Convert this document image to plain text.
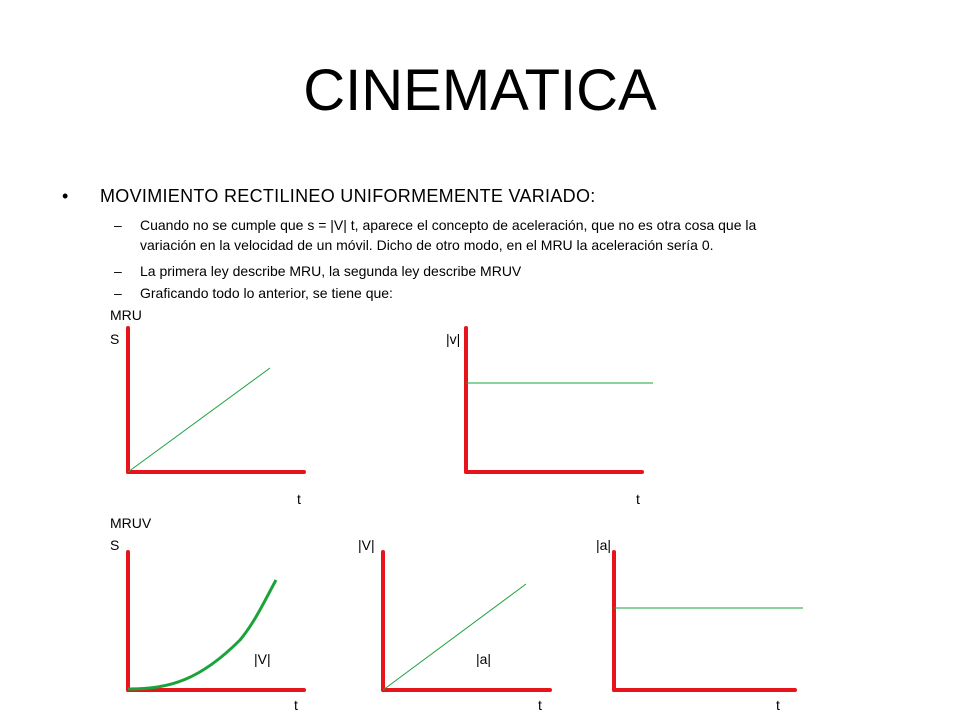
CINEMATICA
• MOVIMIENTO RECTILINEO UNIFORMEMENTE VARIADO:
– Cuando no se cumple que s = |V| t, aparece el concepto de aceleración, que no es otra cosa que la
variación en la velocidad de un móvil. Dicho de otro modo, en el MRU la aceleración sería 0.
– La primera ley describe MRU, la segunda ley describe MRUV
– Graficando todo lo anterior, se tiene que:
MRU
S	|v|
t	t
MRUV
S	|V|	|a|
|V|	|a|
t	t	t
